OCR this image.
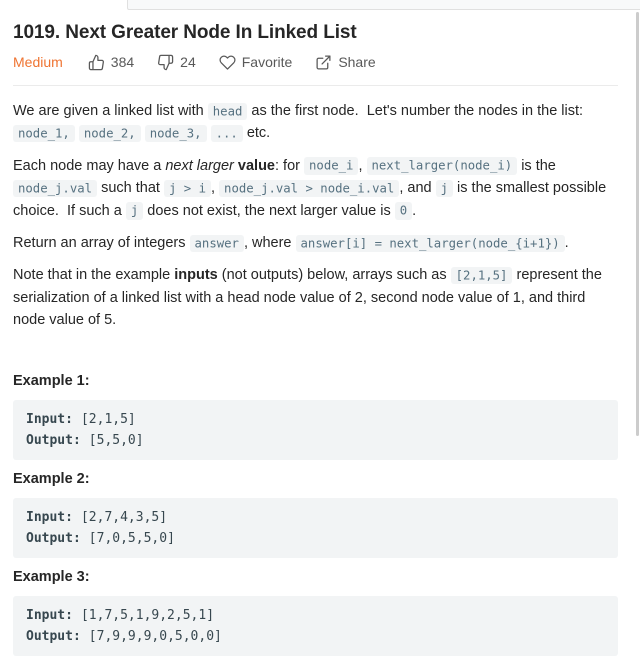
1019. Next Greater Node In Linked List
Medium	384	24	Favorite	Share

We are given a linked list with head as the first node.  Let's number the nodes in the list: node_1, node_2, node_3, ... etc.

Each node may have a next larger value: for node_i , next_larger(node_i) is the node_j.val such that j > i , node_j.val > node_i.val , and j is the smallest possible choice.  If such a j does not exist, the next larger value is 0 .

Return an array of integers answer , where answer[i] = next_larger(node_{i+1}) .

Note that in the example inputs (not outputs) below, arrays such as [2,1,5] represent the serialization of a linked list with a head node value of 2, second node value of 1, and third node value of 5.

Example 1:

Input: [2,1,5]
Output: [5,5,0]

Example 2:

Input: [2,7,4,3,5]
Output: [7,0,5,5,0]

Example 3:

Input: [1,7,5,1,9,2,5,1]
Output: [7,9,9,9,0,5,0,0]
